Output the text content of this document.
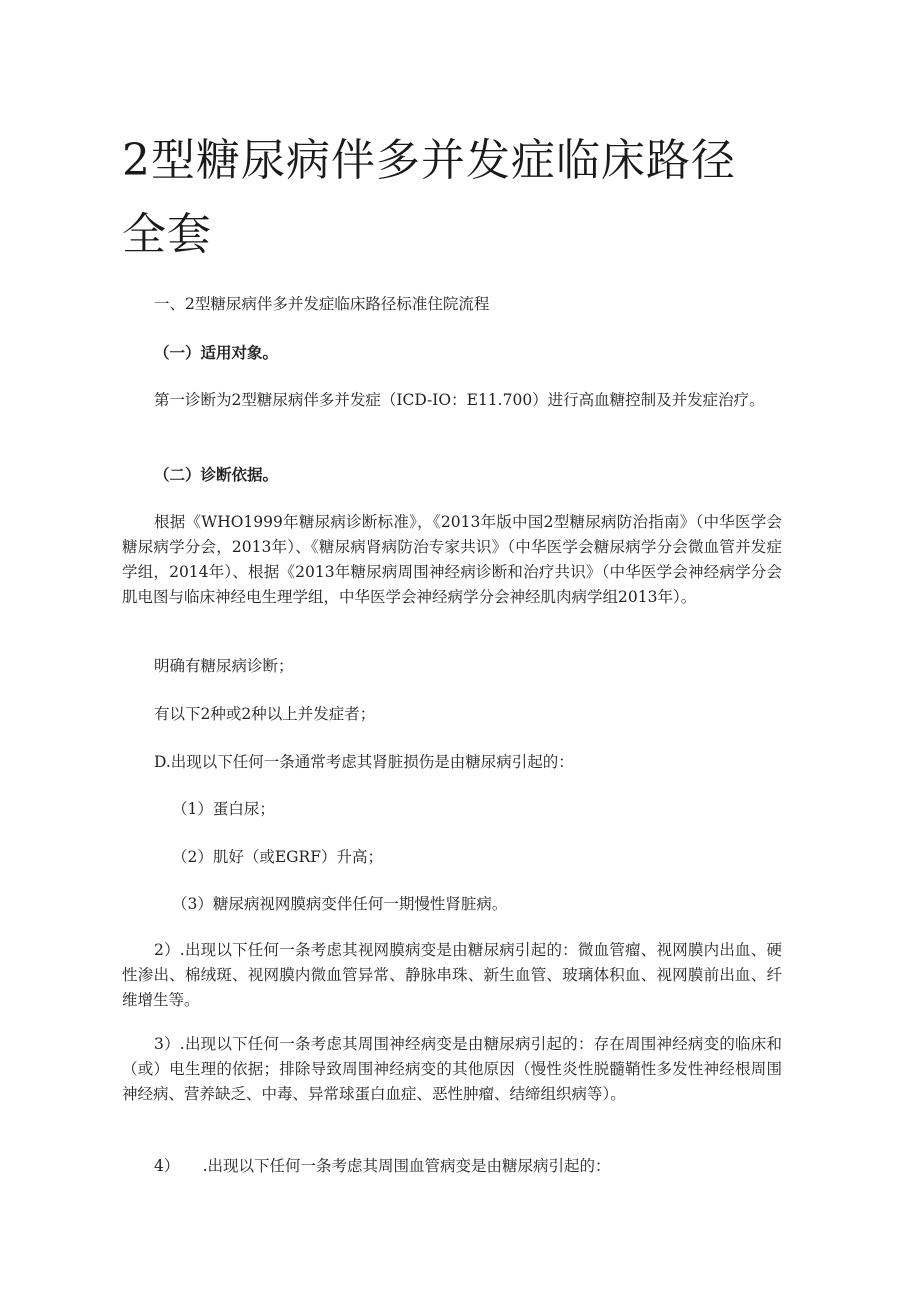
2型糖尿病伴多并发症临床路径全套

一、2型糖尿病伴多并发症临床路径标准住院流程

（一）适用对象。

第一诊断为2型糖尿病伴多并发症（ICD-IO：E11.700）进行高血糖控制及并发症治疗。

（二）诊断依据。

根据《WHO1999年糖尿病诊断标准》，《2013年版中国2型糖尿病防治指南》（中华医学会糖尿病学分会，2013年）、《糖尿病肾病防治专家共识》（中华医学会糖尿病学分会微血管并发症学组，2014年）、根据《2013年糖尿病周围神经病诊断和治疗共识》（中华医学会神经病学分会肌电图与临床神经电生理学组，中华医学会神经病学分会神经肌肉病学组2013年）。

明确有糖尿病诊断；

有以下2种或2种以上并发症者；

D.出现以下任何一条通常考虑其肾脏损伤是由糖尿病引起的：

（1）蛋白尿；

（2）肌好（或EGRF）升高；

（3）糖尿病视网膜病变伴任何一期慢性肾脏病。

2）.出现以下任何一条考虑其视网膜病变是由糖尿病引起的：微血管瘤、视网膜内出血、硬性渗出、棉绒斑、视网膜内微血管异常、静脉串珠、新生血管、玻璃体积血、视网膜前出血、纤维增生等。

3）.出现以下任何一条考虑其周围神经病变是由糖尿病引起的：存在周围神经病变的临床和（或）电生理的依据；排除导致周围神经病变的其他原因（慢性炎性脱髓鞘性多发性神经根周围神经病、营养缺乏、中毒、异常球蛋白血症、恶性肿瘤、结缔组织病等）。

4）　　.出现以下任何一条考虑其周围血管病变是由糖尿病引起的：
